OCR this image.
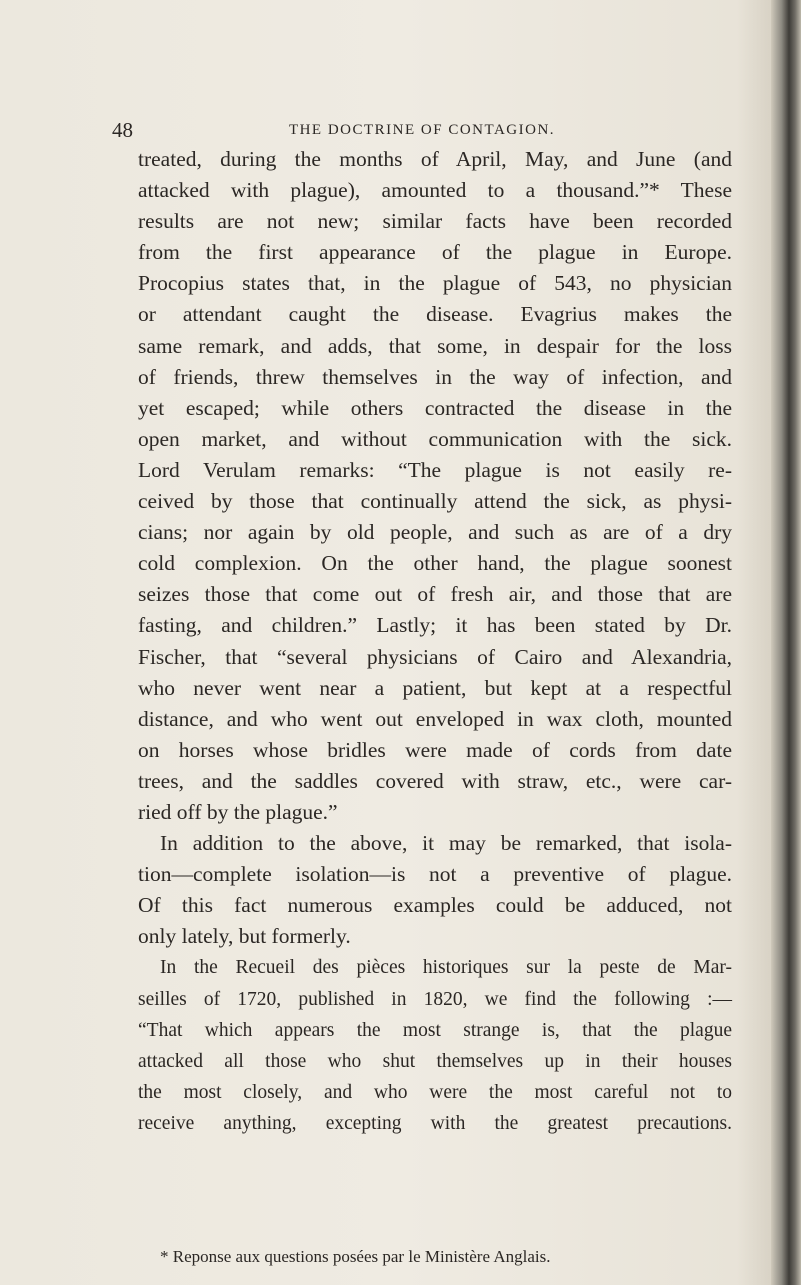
48	THE DOCTRINE OF CONTAGION.
treated, during the months of April, May, and June (and
attacked with plague), amounted to a thousand.”* These
results are not new; similar facts have been recorded
from the first appearance of the plague in Europe.
Procopius states that, in the plague of 543, no physician
or attendant caught the disease. Evagrius makes the
same remark, and adds, that some, in despair for the loss
of friends, threw themselves in the way of infection, and
yet escaped; while others contracted the disease in the
open market, and without communication with the sick.
Lord Verulam remarks: “The plague is not easily re-
ceived by those that continually attend the sick, as physi-
cians; nor again by old people, and such as are of a dry
cold complexion. On the other hand, the plague soonest
seizes those that come out of fresh air, and those that are
fasting, and children.” Lastly; it has been stated by Dr.
Fischer, that “several physicians of Cairo and Alexandria,
who never went near a patient, but kept at a respectful
distance, and who went out enveloped in wax cloth, mounted
on horses whose bridles were made of cords from date
trees, and the saddles covered with straw, etc., were car-
ried off by the plague.”
In addition to the above, it may be remarked, that isola-
tion—complete isolation—is not a preventive of plague.
Of this fact numerous examples could be adduced, not
only lately, but formerly.
In the Recueil des pièces historiques sur la peste de Mar-
seilles of 1720, published in 1820, we find the following :—
“That which appears the most strange is, that the plague
attacked all those who shut themselves up in their houses
the most closely, and who were the most careful not to
receive anything, excepting with the greatest precautions.
* Reponse aux questions posées par le Ministère Anglais.
